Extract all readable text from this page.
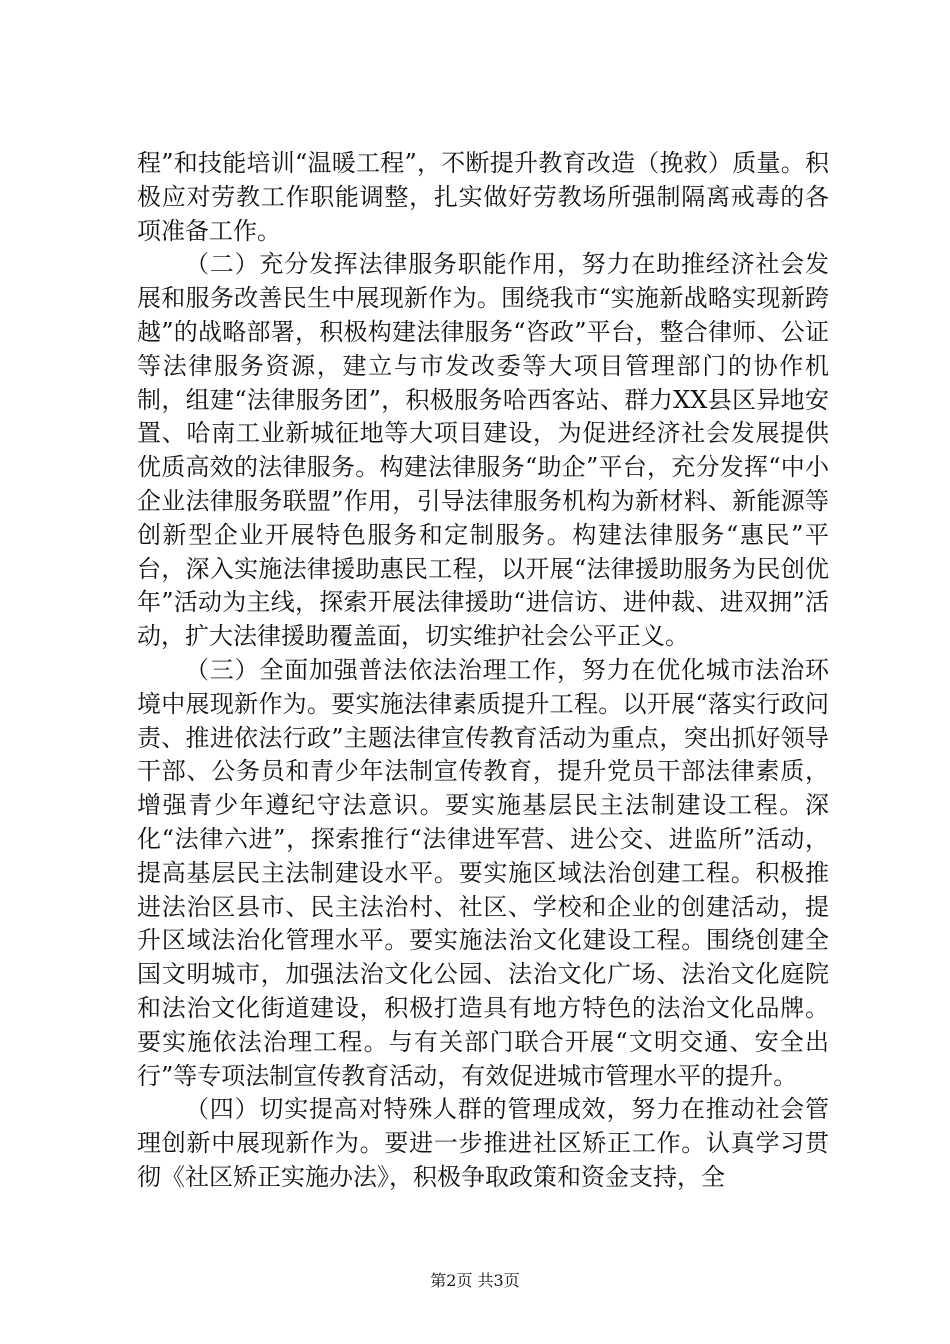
程”和技能培训“温暖工程”，不断提升教育改造（挽救）质量。积极应对劳教工作职能调整，扎实做好劳教场所强制隔离戒毒的各项准备工作。

（二）充分发挥法律服务职能作用，努力在助推经济社会发展和服务改善民生中展现新作为。围绕我市“实施新战略实现新跨越”的战略部署，积极构建法律服务“咨政”平台，整合律师、公证等法律服务资源，建立与市发改委等大项目管理部门的协作机制，组建“法律服务团”，积极服务哈西客站、群力XX县区异地安置、哈南工业新城征地等大项目建设，为促进经济社会发展提供优质高效的法律服务。构建法律服务“助企”平台，充分发挥“中小企业法律服务联盟”作用，引导法律服务机构为新材料、新能源等创新型企业开展特色服务和定制服务。构建法律服务“惠民”平台，深入实施法律援助惠民工程，以开展“法律援助服务为民创优年”活动为主线，探索开展法律援助“进信访、进仲裁、进双拥”活动，扩大法律援助覆盖面，切实维护社会公平正义。

（三）全面加强普法依法治理工作，努力在优化城市法治环境中展现新作为。要实施法律素质提升工程。以开展“落实行政问责、推进依法行政”主题法律宣传教育活动为重点，突出抓好领导干部、公务员和青少年法制宣传教育，提升党员干部法律素质，增强青少年遵纪守法意识。要实施基层民主法制建设工程。深化“法律六进”，探索推行“法律进军营、进公交、进监所”活动，提高基层民主法制建设水平。要实施区域法治创建工程。积极推进法治区县市、民主法治村、社区、学校和企业的创建活动，提升区域法治化管理水平。要实施法治文化建设工程。围绕创建全国文明城市，加强法治文化公园、法治文化广场、法治文化庭院和法治文化街道建设，积极打造具有地方特色的法治文化品牌。要实施依法治理工程。与有关部门联合开展“文明交通、安全出行”等专项法制宣传教育活动，有效促进城市管理水平的提升。

（四）切实提高对特殊人群的管理成效，努力在推动社会管理创新中展现新作为。要进一步推进社区矫正工作。认真学习贯彻《社区矫正实施办法》，积极争取政策和资金支持，全

第2页 共3页
